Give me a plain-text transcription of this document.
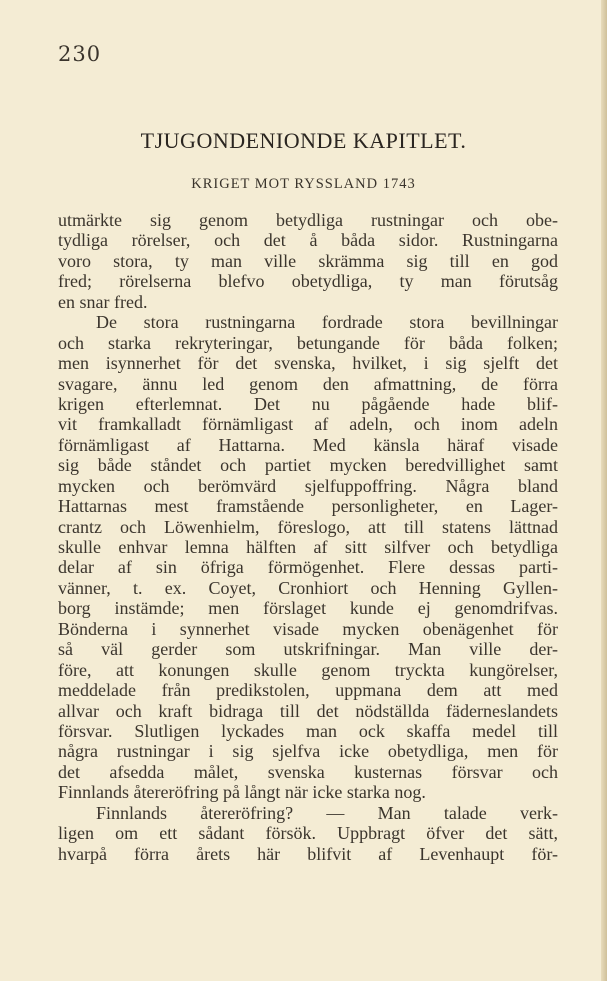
230
TJUGONDENIONDE KAPITLET.
KRIGET MOT RYSSLAND 1743
utmärkte sig genom betydliga rustningar och obe-
tydliga rörelser, och det å båda sidor. Rustningarna
voro stora, ty man ville skrämma sig till en god
fred; rörelserna blefvo obetydliga, ty man förutsåg
en snar fred.
De stora rustningarna fordrade stora bevillningar
och starka rekryteringar, betungande för båda folken;
men isynnerhet för det svenska, hvilket, i sig sjelft det
svagare, ännu led genom den afmattning, de förra
krigen efterlemnat. Det nu pågående hade blif-
vit framkalladt förnämligast af adeln, och inom adeln
förnämligast af Hattarna. Med känsla häraf visade
sig både ståndet och partiet mycken beredvillighet samt
mycken och berömvärd sjelfuppoffring. Några bland
Hattarnas mest framstående personligheter, en Lager-
crantz och Löwenhielm, föreslogo, att till statens lättnad
skulle enhvar lemna hälften af sitt silfver och betydliga
delar af sin öfriga förmögenhet. Flere dessas parti-
vänner, t. ex. Coyet, Cronhiort och Henning Gyllen-
borg instämde; men förslaget kunde ej genomdrifvas.
Bönderna i synnerhet visade mycken obenägenhet för
så väl gerder som utskrifningar. Man ville der-
före, att konungen skulle genom tryckta kungörelser,
meddelade från predikstolen, uppmana dem att med
allvar och kraft bidraga till det nödställda fäderneslandets
försvar. Slutligen lyckades man ock skaffa medel till
några rustningar i sig sjelfva icke obetydliga, men för
det afsedda målet, svenska kusternas försvar och
Finnlands återeröfring på långt när icke starka nog.
Finnlands återeröfring? — Man talade verk-
ligen om ett sådant försök. Uppbragt öfver det sätt,
hvarpå förra årets här blifvit af Levenhaupt för-
